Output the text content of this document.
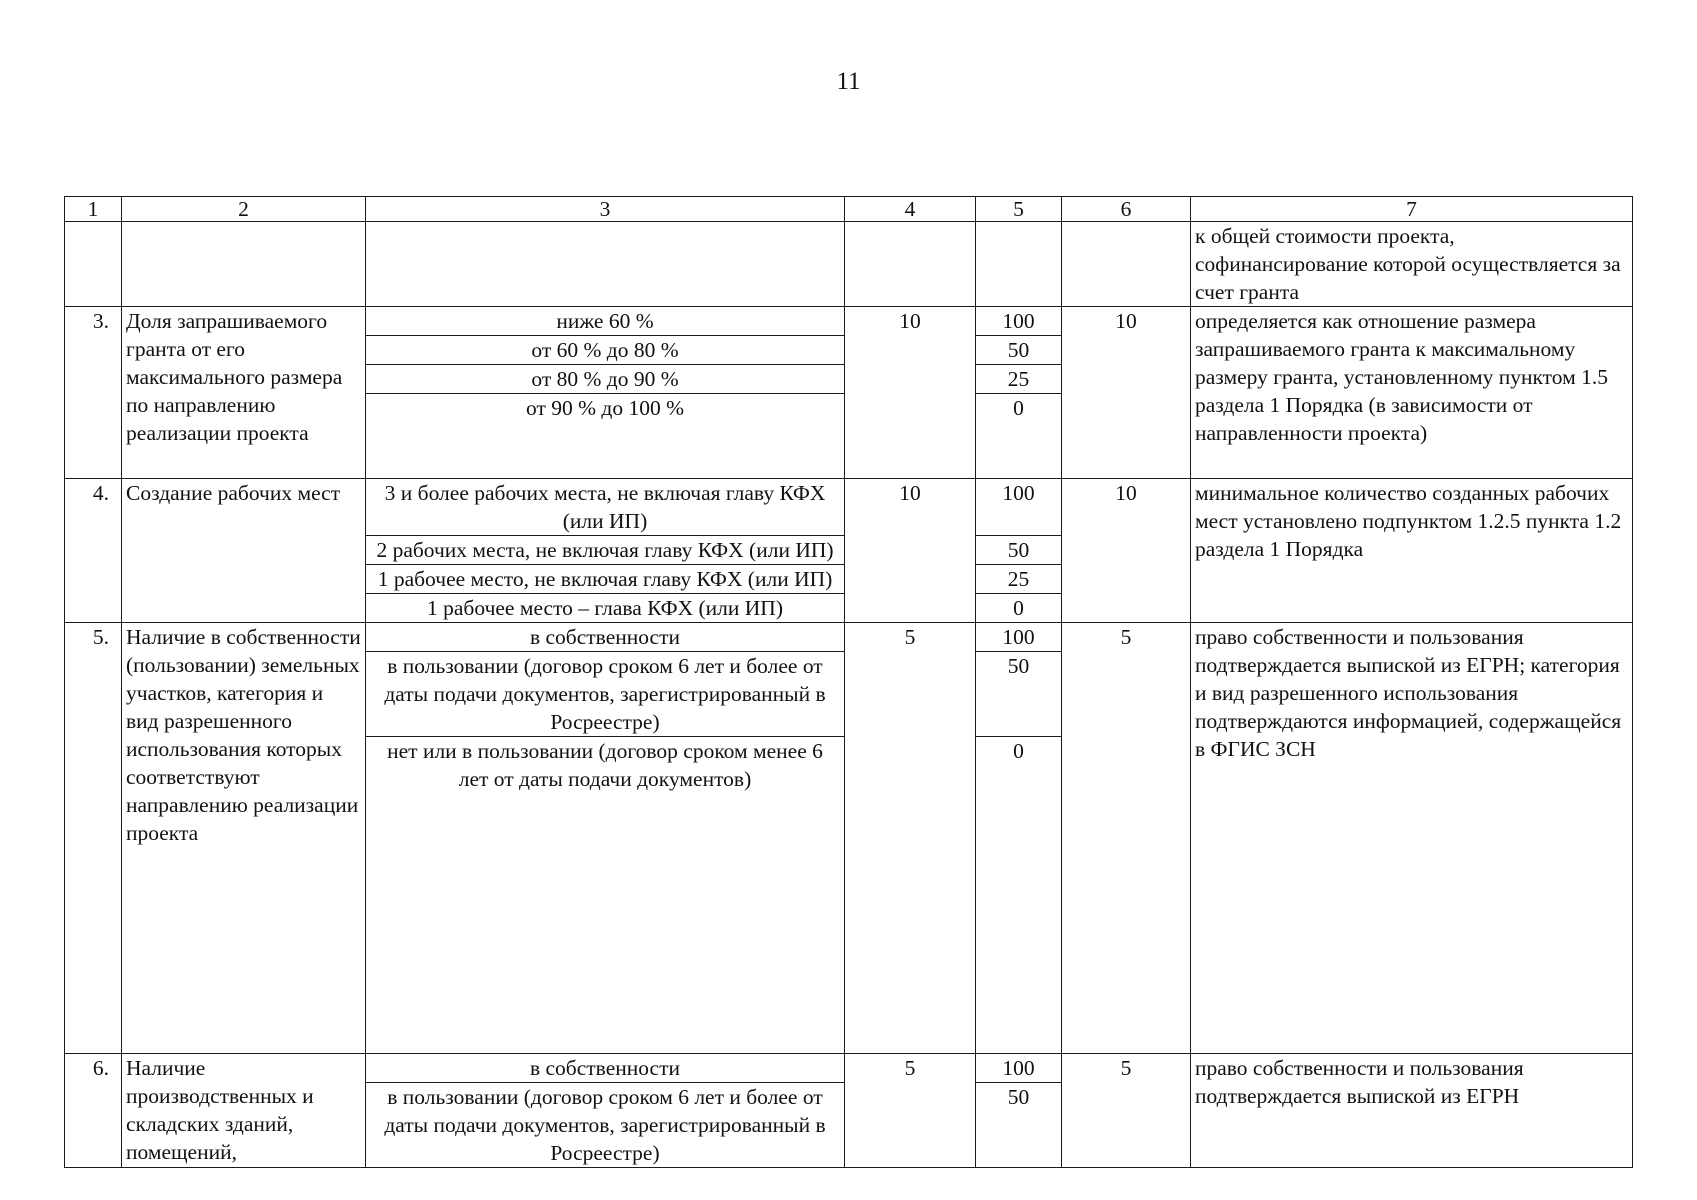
11
1	2	3	4	5	6	7
						к общей стоимости проекта, софинансирование которой осуществляется за счет гранта
3.	Доля запрашиваемого гранта от его максимального размера по направлению реализации проекта	ниже 60 %	10	100	10	определяется как отношение размера запрашиваемого гранта к максимальному размеру гранта, установленному пунктом 1.5 раздела 1 Порядка (в зависимости от направленности проекта)
		от 60 % до 80 %		50		
		от 80 % до 90 %		25		
		от 90 % до 100 %		0		
4.	Создание рабочих мест	3 и более рабочих места, не включая главу КФХ (или ИП)	10	100	10	минимальное количество созданных рабочих мест установлено подпунктом 1.2.5 пункта 1.2 раздела 1 Порядка
		2 рабочих места, не включая главу КФХ (или ИП)		50		
		1 рабочее место, не включая главу КФХ (или ИП)		25		
		1 рабочее место – глава КФХ (или ИП)		0		
5.	Наличие в собственности (пользовании) земельных участков, категория и вид разрешенного использования которых соответствуют направлению реализации проекта	в собственности	5	100	5	право собственности и пользования подтверждается выпиской из ЕГРН; категория и вид разрешенного использования подтверждаются информацией, содержащейся в ФГИС ЗСН
		в пользовании (договор сроком 6 лет и более от даты подачи документов, зарегистрированный в Росреестре)		50		
		нет или в пользовании (договор сроком менее 6 лет от даты подачи документов)		0		
6.	Наличие производственных и складских зданий, помещений,	в собственности	5	100	5	право собственности и пользования подтверждается выпиской из ЕГРН
		в пользовании (договор сроком 6 лет и более от даты подачи документов, зарегистрированный в Росреестре)		50		
